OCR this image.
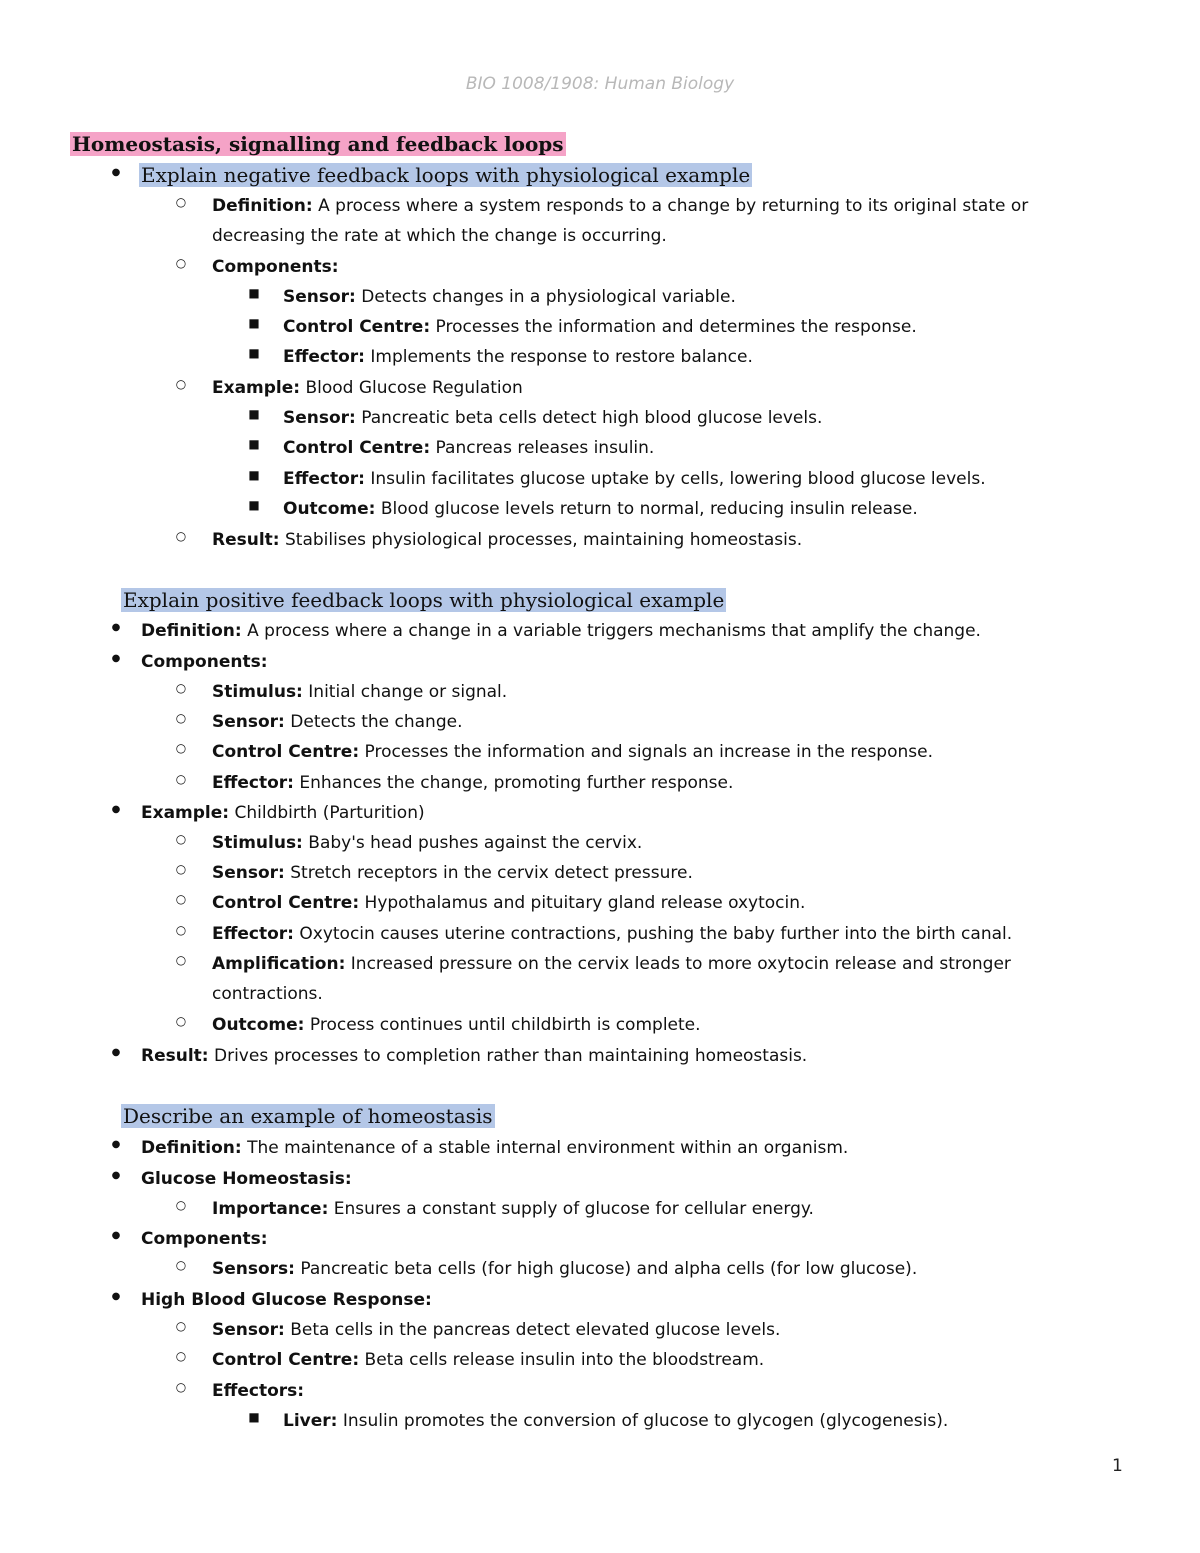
BIO 1008/1908: Human Biology
Homeostasis, signalling and feedback loops
● Explain negative feedback loops with physiological example
○ Definition: A process where a system responds to a change by returning to its original state or
decreasing the rate at which the change is occurring.
○ Components:
■ Sensor: Detects changes in a physiological variable.
■ Control Centre: Processes the information and determines the response.
■ Effector: Implements the response to restore balance.
○ Example: Blood Glucose Regulation
■ Sensor: Pancreatic beta cells detect high blood glucose levels.
■ Control Centre: Pancreas releases insulin.
■ Effector: Insulin facilitates glucose uptake by cells, lowering blood glucose levels.
■ Outcome: Blood glucose levels return to normal, reducing insulin release.
○ Result: Stabilises physiological processes, maintaining homeostasis.
Explain positive feedback loops with physiological example
●	Definition: A process where a change in a variable triggers mechanisms that amplify the change.
●	Components:
○ Stimulus: Initial change or signal.
○ Sensor: Detects the change.
○ Control Centre: Processes the information and signals an increase in the response.
○ Effector: Enhances the change, promoting further response.
●	Example: Childbirth (Parturition)
○ Stimulus: Baby's head pushes against the cervix.
○ Sensor: Stretch receptors in the cervix detect pressure.
○ Control Centre: Hypothalamus and pituitary gland release oxytocin.
○ Effector: Oxytocin causes uterine contractions, pushing the baby further into the birth canal.
○ Amplification: Increased pressure on the cervix leads to more oxytocin release and stronger
contractions.
○ Outcome: Process continues until childbirth is complete.
●	Result: Drives processes to completion rather than maintaining homeostasis.
Describe an example of homeostasis
●	Definition: The maintenance of a stable internal environment within an organism.
●	Glucose Homeostasis:
○ Importance: Ensures a constant supply of glucose for cellular energy.
●	Components:
○ Sensors: Pancreatic beta cells (for high glucose) and alpha cells (for low glucose).
●	High Blood Glucose Response:
○ Sensor: Beta cells in the pancreas detect elevated glucose levels.
○ Control Centre: Beta cells release insulin into the bloodstream.
○ Effectors:
■ Liver: Insulin promotes the conversion of glucose to glycogen (glycogenesis).
1
